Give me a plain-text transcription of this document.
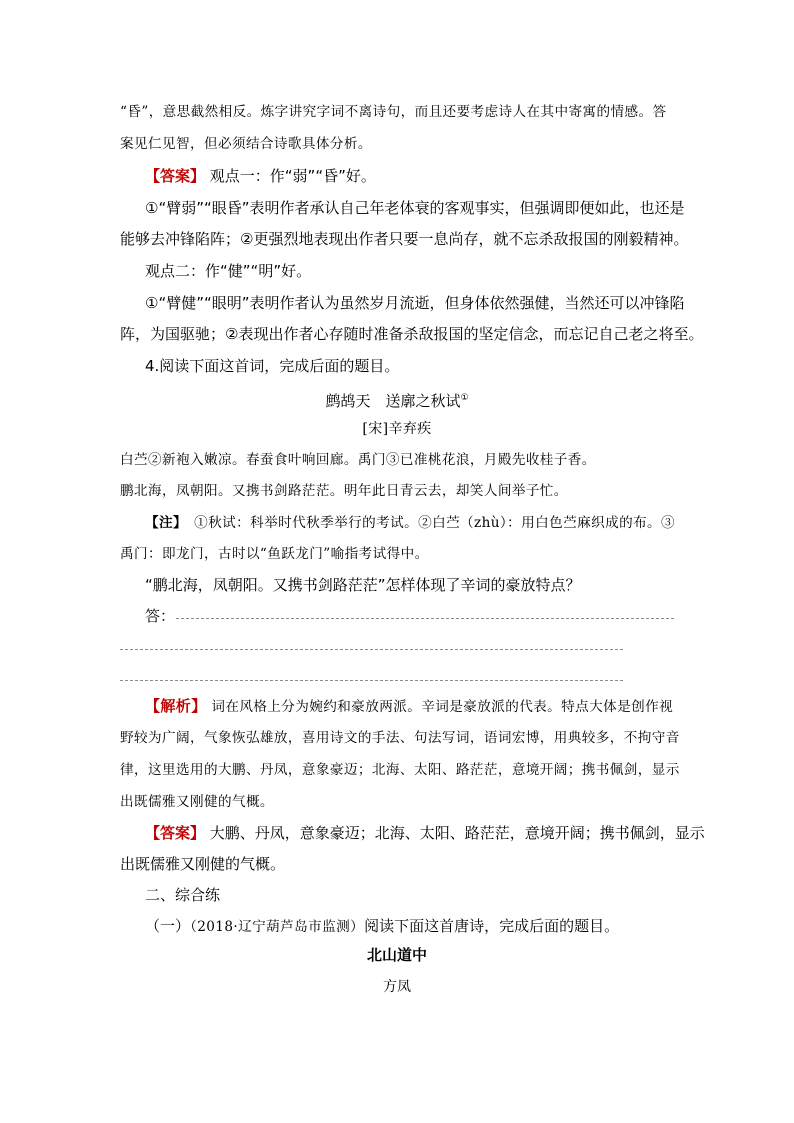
“昏”，意思截然相反。炼字讲究字词不离诗句，而且还要考虑诗人在其中寄寓的情感。答
案见仁见智，但必须结合诗歌具体分析。
【答案】 观点一：作“弱”“昏”好。
①“臂弱”“眼昏”表明作者承认自己年老体衰的客观事实，但强调即便如此，也还是
能够去冲锋陷阵；②更强烈地表现出作者只要一息尚存，就不忘杀敌报国的刚毅精神。
观点二：作“健”“明”好。
①“臂健”“眼明”表明作者认为虽然岁月流逝，但身体依然强健，当然还可以冲锋陷
阵，为国驱驰；②表现出作者心存随时准备杀敌报国的坚定信念，而忘记自己老之将至。
4.阅读下面这首词，完成后面的题目。
鹧鸪天　送廓之秋试①
[宋]辛弃疾
白苎②新袍入嫩凉。春蚕食叶响回廊。禹门③已准桃花浪，月殿先收桂子香。
鹏北海，凤朝阳。又携书剑路茫茫。明年此日青云去，却笑人间举子忙。
【注】　①秋试：科举时代秋季举行的考试。②白苎（zhù）：用白色苎麻织成的布。③
禹门：即龙门，古时以“鱼跃龙门”喻指考试得中。
“鹏北海，凤朝阳。又携书剑路茫茫”怎样体现了辛词的豪放特点？
答：
【解析】 词在风格上分为婉约和豪放两派。辛词是豪放派的代表。特点大体是创作视
野较为广阔，气象恢弘雄放，喜用诗文的手法、句法写词，语词宏博，用典较多，不拘守音
律，这里选用的大鹏、丹凤，意象豪迈；北海、太阳、路茫茫，意境开阔；携书佩剑，显示
出既儒雅又刚健的气概。
【答案】 大鹏、丹凤，意象豪迈；北海、太阳、路茫茫，意境开阔；携书佩剑，显示
出既儒雅又刚健的气概。
二、综合练
（一）（2018·辽宁葫芦岛市监测）阅读下面这首唐诗，完成后面的题目。
北山道中
方凤
